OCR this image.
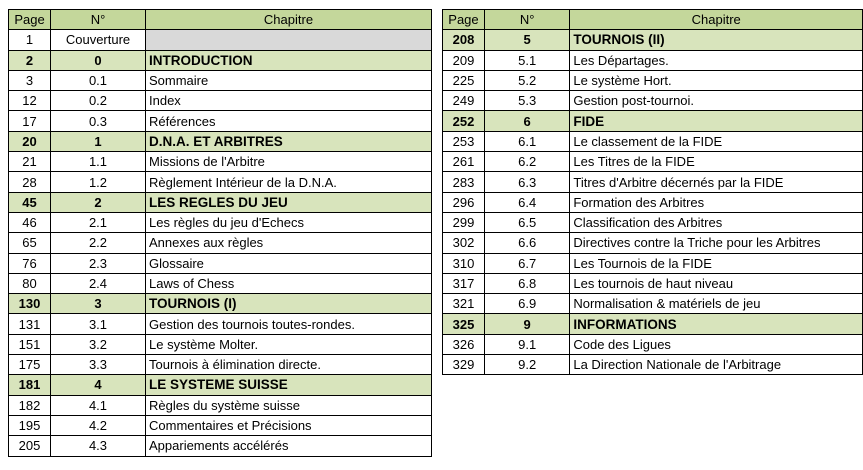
Page	N°	Chapitre
1	Couverture	
2	0	INTRODUCTION
3	0.1	Sommaire
12	0.2	Index
17	0.3	Références
20	1	D.N.A. ET ARBITRES
21	1.1	Missions de l'Arbitre
28	1.2	Règlement Intérieur de la D.N.A.
45	2	LES REGLES DU JEU
46	2.1	Les règles du jeu d'Echecs
65	2.2	Annexes aux règles
76	2.3	Glossaire
80	2.4	Laws of Chess
130	3	TOURNOIS (I)
131	3.1	Gestion des tournois toutes-rondes.
151	3.2	Le système Molter.
175	3.3	Tournois à élimination directe.
181	4	LE SYSTEME SUISSE
182	4.1	Règles du système suisse
195	4.2	Commentaires et Précisions
205	4.3	Appariements accélérés
Page	N°	Chapitre
208	5	TOURNOIS (II)
209	5.1	Les Départages.
225	5.2	Le système Hort.
249	5.3	Gestion post-tournoi.
252	6	FIDE
253	6.1	Le classement de la FIDE
261	6.2	Les Titres de la FIDE
283	6.3	Titres d'Arbitre décernés par la FIDE
296	6.4	Formation des Arbitres
299	6.5	Classification des Arbitres
302	6.6	Directives contre la Triche pour les Arbitres
310	6.7	Les Tournois de la FIDE
317	6.8	Les tournois de haut niveau
321	6.9	Normalisation & matériels de jeu
325	9	INFORMATIONS
326	9.1	Code des Ligues
329	9.2	La Direction Nationale de l'Arbitrage
